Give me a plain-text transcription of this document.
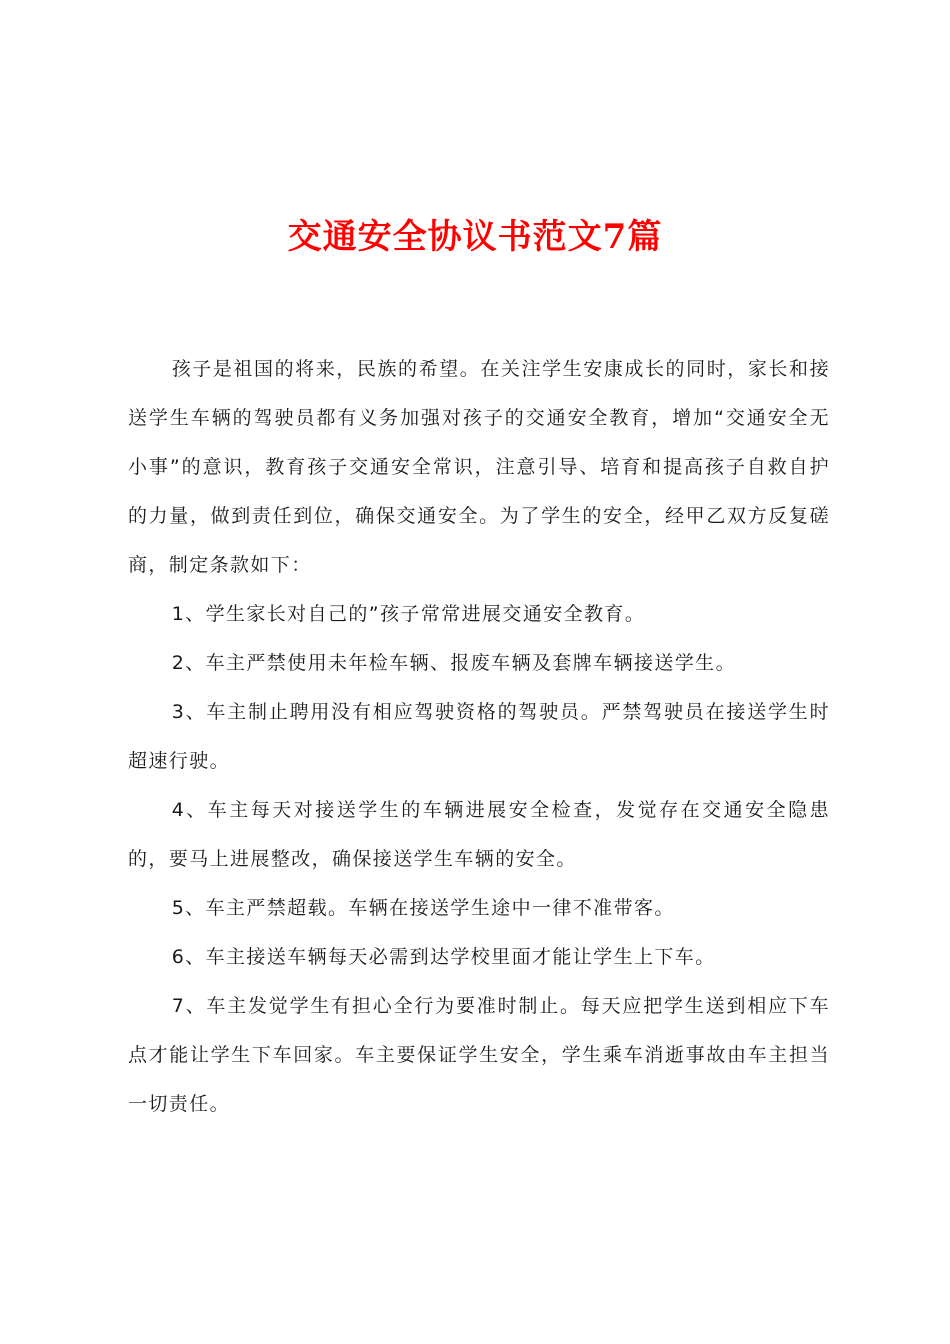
交通安全协议书范文7篇

孩子是祖国的将来，民族的希望。在关注学生安康成长的同时，家长和接送学生车辆的驾驶员都有义务加强对孩子的交通安全教育，增加“交通安全无小事”的意识，教育孩子交通安全常识，注意引导、培育和提高孩子自救自护的力量，做到责任到位，确保交通安全。为了学生的安全，经甲乙双方反复磋商，制定条款如下：

1、学生家长对自己的”孩子常常进展交通安全教育。

2、车主严禁使用未年检车辆、报废车辆及套牌车辆接送学生。

3、车主制止聘用没有相应驾驶资格的驾驶员。严禁驾驶员在接送学生时超速行驶。

4、车主每天对接送学生的车辆进展安全检查，发觉存在交通安全隐患的，要马上进展整改，确保接送学生车辆的安全。

5、车主严禁超载。车辆在接送学生途中一律不准带客。

6、车主接送车辆每天必需到达学校里面才能让学生上下车。

7、车主发觉学生有担心全行为要准时制止。每天应把学生送到相应下车点才能让学生下车回家。车主要保证学生安全，学生乘车消逝事故由车主担当一切责任。
